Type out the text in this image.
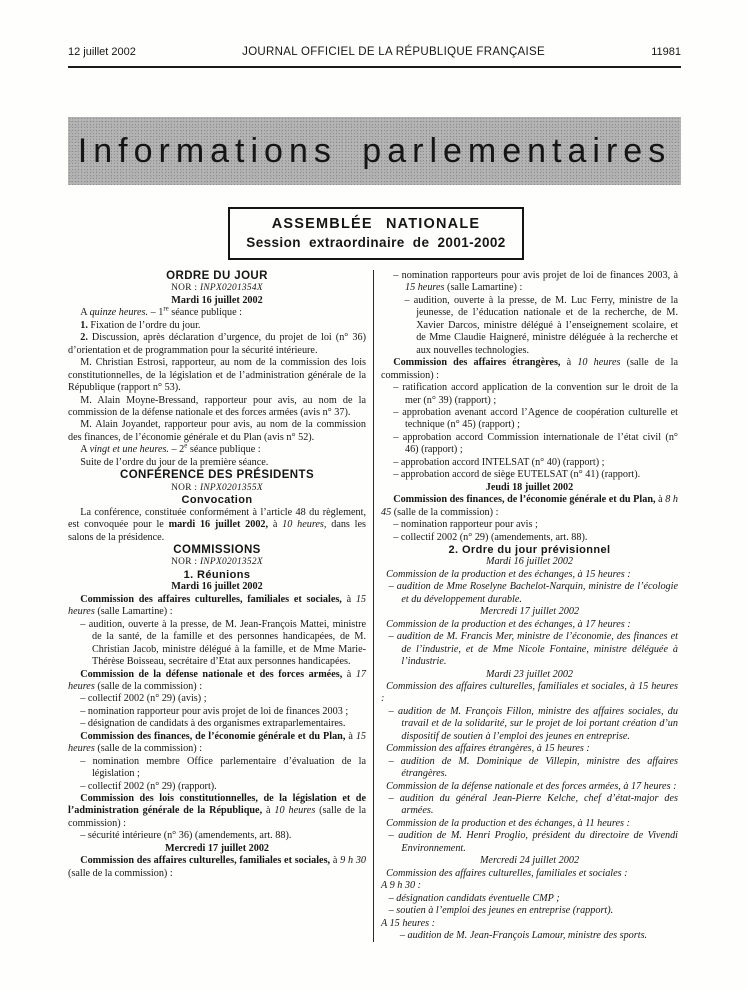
12 juillet 2002	JOURNAL OFFICIEL DE LA RÉPUBLIQUE FRANÇAISE	11981
Informations parlementaires
ASSEMBLÉE NATIONALE
Session extraordinaire de 2001-2002

ORDRE DU JOUR

NOR : INPX0201354X

Mardi 16 juillet 2002

A quinze heures. – 1re séance publique :

1. Fixation de l’ordre du jour.

2. Discussion, après déclaration d’urgence, du projet de loi (n° 36) d’orientation et de programmation pour la sécurité intérieure.

M. Christian Estrosi, rapporteur, au nom de la commission des lois constitutionnelles, de la législation et de l’administration générale de la République (rapport n° 53).

M. Alain Moyne-Bressand, rapporteur pour avis, au nom de la commission de la défense nationale et des forces armées (avis n° 37).

M. Alain Joyandet, rapporteur pour avis, au nom de la commission des finances, de l’économie générale et du Plan (avis n° 52).

A vingt et une heures. – 2e séance publique :

Suite de l’ordre du jour de la première séance.

CONFÉRENCE DES PRÉSIDENTS

NOR : INPX0201355X

Convocation

La conférence, constituée conformément à l’article 48 du règlement, est convoquée pour le mardi 16 juillet 2002, à 10 heures, dans les salons de la présidence.

COMMISSIONS

NOR : INPX0201352X

1. Réunions

Mardi 16 juillet 2002

Commission des affaires culturelles, familiales et sociales, à 15 heures (salle Lamartine) :

– audition, ouverte à la presse, de M. Jean-François Mattei, ministre de la santé, de la famille et des personnes handicapées, de M. Christian Jacob, ministre délégué à la famille, et de Mme Marie-Thérèse Boisseau, secrétaire d’Etat aux personnes handicapées.

Commission de la défense nationale et des forces armées, à 17 heures (salle de la commission) :

– collectif 2002 (n° 29) (avis) ;

– nomination rapporteur pour avis projet de loi de finances 2003 ;

– désignation de candidats à des organismes extraparlementaires.

Commission des finances, de l’économie générale et du Plan, à 15 heures (salle de la commission) :

– nomination membre Office parlementaire d’évaluation de la législation ;

– collectif 2002 (n° 29) (rapport).

Commission des lois constitutionnelles, de la législation et de l’administration générale de la République, à 10 heures (salle de la commission) :

– sécurité intérieure (n° 36) (amendements, art. 88).

Mercredi 17 juillet 2002

Commission des affaires culturelles, familiales et sociales, à 9 h 30 (salle de la commission) :

– nomination rapporteurs pour avis projet de loi de finances 2003, à 15 heures (salle Lamartine) :

– audition, ouverte à la presse, de M. Luc Ferry, ministre de la jeunesse, de l’éducation nationale et de la recherche, de M. Xavier Darcos, ministre délégué à l’enseignement scolaire, et de Mme Claudie Haigneré, ministre déléguée à la recherche et aux nouvelles technologies.

Commission des affaires étrangères, à 10 heures (salle de la commission) :

– ratification accord application de la convention sur le droit de la mer (n° 39) (rapport) ;

– approbation avenant accord l’Agence de coopération culturelle et technique (n° 45) (rapport) ;

– approbation accord Commission internationale de l’état civil (n° 46) (rapport) ;

– approbation accord INTELSAT (n° 40) (rapport) ;

– approbation accord de siège EUTELSAT (n° 41) (rapport).

Jeudi 18 juillet 2002

Commission des finances, de l’économie générale et du Plan, à 8 h 45 (salle de la commission) :

– nomination rapporteur pour avis ;

– collectif 2002 (n° 29) (amendements, art. 88).

2. Ordre du jour prévisionnel

Mardi 16 juillet 2002

Commission de la production et des échanges, à 15 heures :

– audition de Mme Roselyne Bachelot-Narquin, ministre de l’écologie et du développement durable.

Mercredi 17 juillet 2002

Commission de la production et des échanges, à 17 heures :

– audition de M. Francis Mer, ministre de l’économie, des finances et de l’industrie, et de Mme Nicole Fontaine, ministre déléguée à l’industrie.

Mardi 23 juillet 2002

Commission des affaires culturelles, familiales et sociales, à 15 heures :

– audition de M. François Fillon, ministre des affaires sociales, du travail et de la solidarité, sur le projet de loi portant création d’un dispositif de soutien à l’emploi des jeunes en entreprise.

Commission des affaires étrangères, à 15 heures :

– audition de M. Dominique de Villepin, ministre des affaires étrangères.

Commission de la défense nationale et des forces armées, à 17 heures :

– audition du général Jean-Pierre Kelche, chef d’état-major des armées.

Commission de la production et des échanges, à 11 heures :

– audition de M. Henri Proglio, président du directoire de Vivendi Environnement.

Mercredi 24 juillet 2002

Commission des affaires culturelles, familiales et sociales :

A 9 h 30 :

– désignation candidats éventuelle CMP ;

– soutien à l’emploi des jeunes en entreprise (rapport).

A 15 heures :

– audition de M. Jean-François Lamour, ministre des sports.
